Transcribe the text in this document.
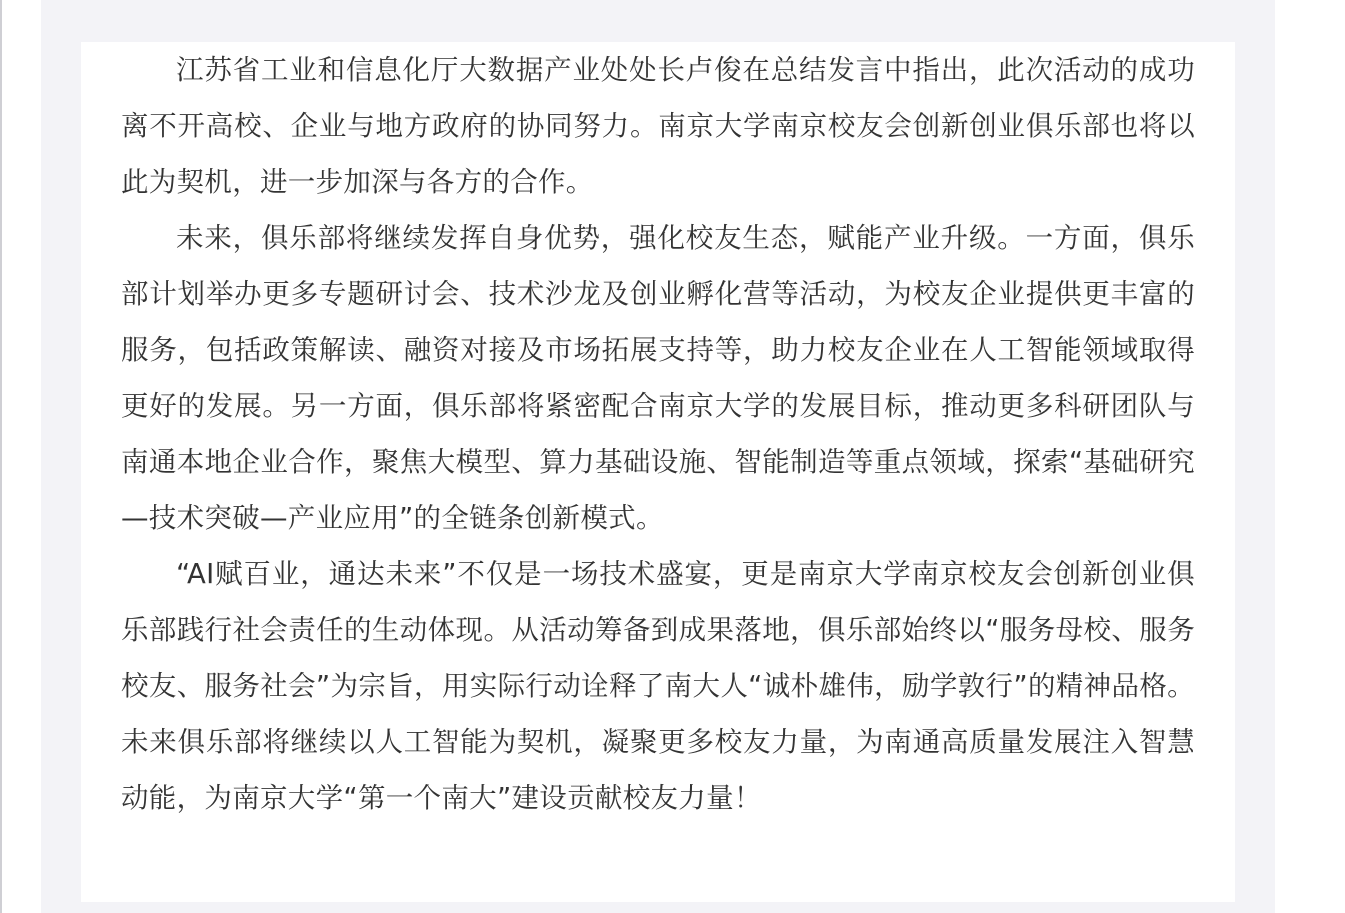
江苏省工业和信息化厅大数据产业处处长卢俊在总结发言中指出，此次活动的成功离不开高校、企业与地方政府的协同努力。南京大学南京校友会创新创业俱乐部也将以此为契机，进一步加深与各方的合作。

未来，俱乐部将继续发挥自身优势，强化校友生态，赋能产业升级。一方面，俱乐部计划举办更多专题研讨会、技术沙龙及创业孵化营等活动，为校友企业提供更丰富的服务，包括政策解读、融资对接及市场拓展支持等，助力校友企业在人工智能领域取得更好的发展。另一方面，俱乐部将紧密配合南京大学的发展目标，推动更多科研团队与南通本地企业合作，聚焦大模型、算力基础设施、智能制造等重点领域，探索“基础研究—技术突破—产业应用”的全链条创新模式。

“AI赋百业，通达未来”不仅是一场技术盛宴，更是南京大学南京校友会创新创业俱乐部践行社会责任的生动体现。从活动筹备到成果落地，俱乐部始终以“服务母校、服务校友、服务社会”为宗旨，用实际行动诠释了南大人“诚朴雄伟，励学敦行”的精神品格。未来俱乐部将继续以人工智能为契机，凝聚更多校友力量，为南通高质量发展注入智慧动能，为南京大学“第一个南大”建设贡献校友力量！
